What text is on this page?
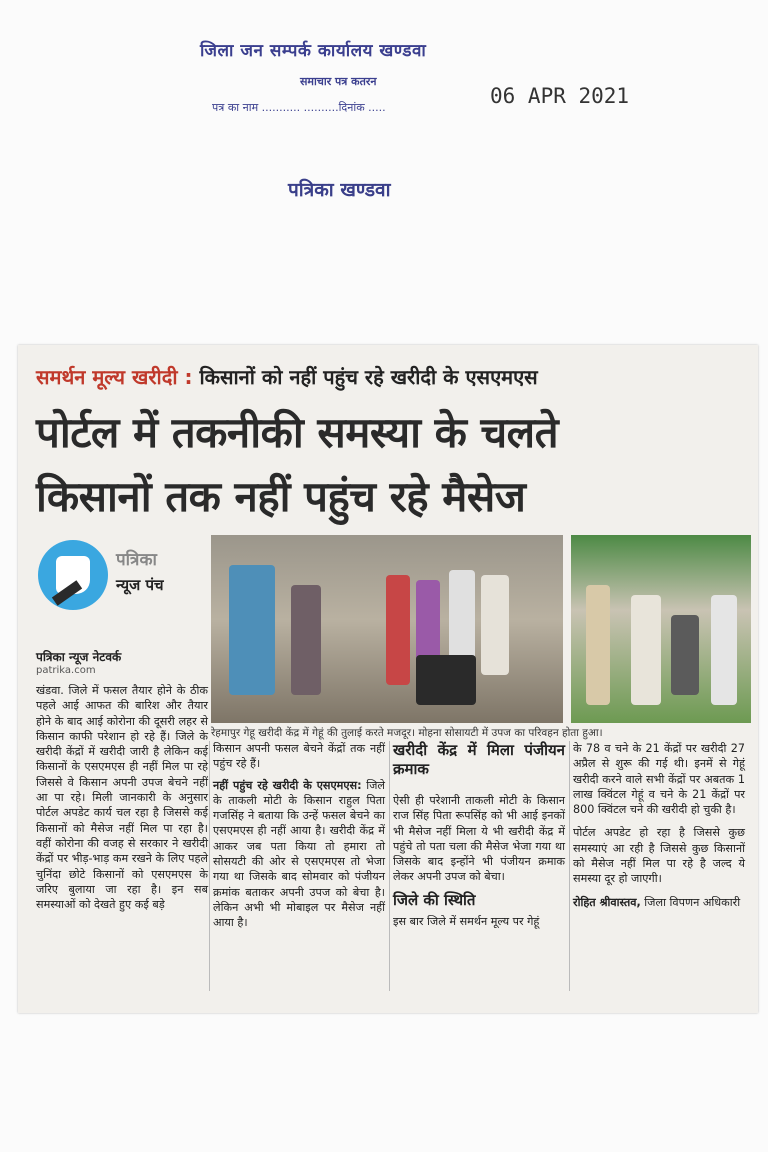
जिला जन सम्पर्क कार्यालय खण्डवा
समाचार पत्र कतरन
पत्र का नाम ........... ..........दिनांक .....	06 APR 2021
पत्रिका खण्डवा
समर्थन मूल्य खरीदी : किसानों को नहीं पहुंच रहे खरीदी के एसएमएस
पोर्टल में तकनीकी समस्या के चलते
किसानों तक नहीं पहुंच रहे मैसेज
पत्रिका
न्यूज पंच
पत्रिका न्यूज नेटवर्क
patrika.com
रेहमापुर गेहू खरीदी केंद्र में गेहूं की तुलाई करते मजदूर। मोहना सोसायटी में उपज का परिवहन होता हुआ।

खंडवा. जिले में फसल तैयार होने के ठीक पहले आई आफत की बारिश और तैयार होने के बाद आई कोरोना की दूसरी लहर से किसान काफी परेशान हो रहे हैं। जिले के खरीदी केंद्रों में खरीदी जारी है लेकिन कई किसानों के एसएमएस ही नहीं मिल पा रहे जिससे वे किसान अपनी उपज बेचने नहीं आ पा रहे। मिली जानकारी के अनुसार पोर्टल अपडेट कार्य चल रहा है जिससे कई किसानों को मैसेज नहीं मिल पा रहा है। वहीं कोरोना की वजह से सरकार ने खरीदी केंद्रों पर भीड़-भाड़ कम रखने के लिए पहले चुनिंदा छोटे किसानों को एसएमएस के जरिए बुलाया जा रहा है। इन सब समस्याओं को देखते हुए कई बड़े

किसान अपनी फसल बेचने केंद्रों तक नहीं पहुंच रहे हैं।

नहीं पहुंच रहे खरीदी के एसएमएस: जिले के ताकली मोटी के किसान राहुल पिता गजसिंह ने बताया कि उन्हें फसल बेचने का एसएमएस ही नहीं आया है। खरीदी केंद्र में आकर जब पता किया तो हमारा तो सोसयटी की ओर से एसएमएस तो भेजा गया था जिसके बाद सोमवार को पंजीयन क्रमांक बताकर अपनी उपज को बेचा है। लेकिन अभी भी मोबाइल पर मैसेज नहीं आया है।

खरीदी केंद्र में मिला पंजीयन क्रमाक

ऐसी ही परेशानी ताकली मोटी के किसान राज सिंह पिता रूपसिंह को भी आई इनकों भी मैसेज नहीं मिला ये भी खरीदी केंद्र में पहुंचे तो पता चला की मैसेज भेजा गया था जिसके बाद इन्होंने भी पंजीयन क्रमाक लेकर अपनी उपज को बेचा।

जिले की स्थिति

इस बार जिले में समर्थन मूल्य पर गेहूं

के 78 व चने के 21 केंद्रों पर खरीदी 27 अप्रैल से शुरू की गई थी। इनमें से गेहूं खरीदी करने वाले सभी केंद्रों पर अबतक 1 लाख क्विंटल गेहूं व चने के 21 केंद्रों पर 800 क्विंटल चने की खरीदी हो चुकी है।

पोर्टल अपडेट हो रहा है जिससे कुछ समस्याएं आ रही है जिससे कुछ किसानों को मैसेज नहीं मिल पा रहे है जल्द ये समस्या दूर हो जाएगी।

रोहित श्रीवास्तव, जिला विपणन अधिकारी
